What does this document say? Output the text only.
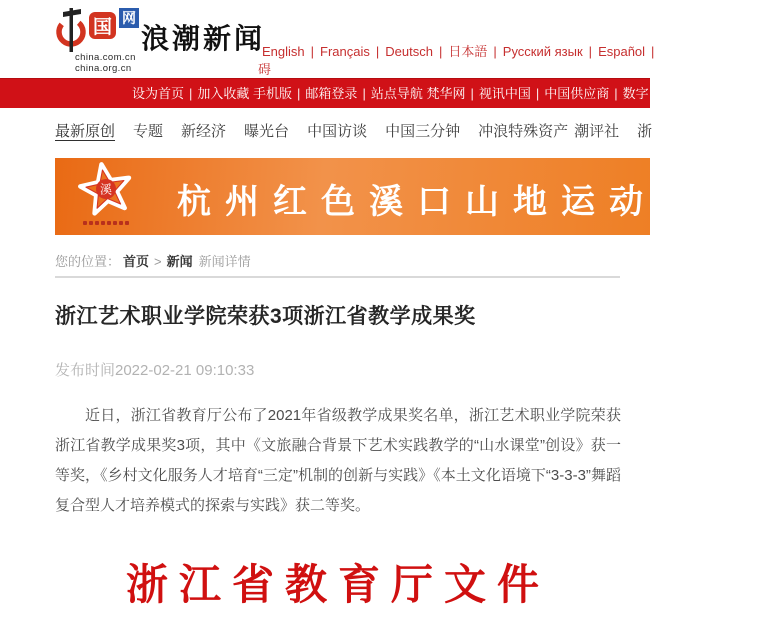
国 网
china.com.cn
china.org.cn
浪潮新闻
English | Français | Deutsch | 日本語 | Русский язык | Español |
碍
设为首页 | 加入收藏 手机版 | 邮箱登录 | 站点导航 梵华网 | 视讯中国 | 中国供应商 | 数字中国 | 联播 风采中国 |
最新原创 专题 新经济 曝光台 中国访谈 中国三分钟 冲浪特殊资产 潮评社 浙
溪 杭州红色溪口山地运动公
您的位置： 首页 > 新闻 新闻详情
浙江艺术职业学院荣获3项浙江省教学成果奖
发布时间2022-02-21 09:10:33

近日，浙江省教育厅公布了2021年省级教学成果奖名单，浙江艺术职业学院荣获浙江省教学成果奖3项，其中《文旅融合背景下艺术实践教学的“山水课堂”创设》获一等奖，《乡村文化服务人才培育“三定”机制的创新与实践》《本土文化语境下“3-3-3”舞蹈复合型人才培养模式的探索与实践》获二等奖。

浙江省教育厅文件
